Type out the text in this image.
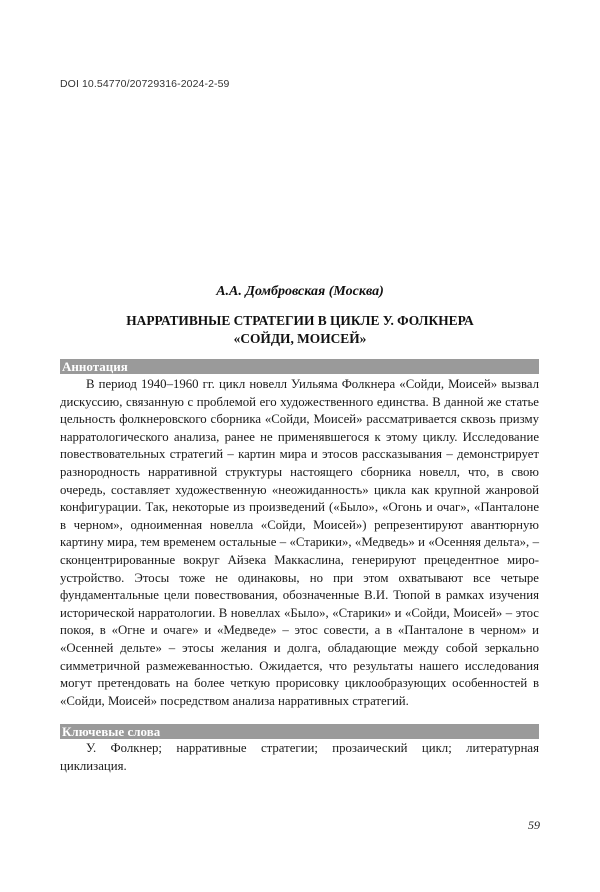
DOI 10.54770/20729316-2024-2-59
А.А. Домбровская (Москва)
НАРРАТИВНЫЕ СТРАТЕГИИ В ЦИКЛЕ У. ФОЛКНЕРА
«СОЙДИ, МОИСЕЙ»
Аннотация

В период 1940–1960 гг. цикл новелл Уильяма Фолкнера «Сойди, Моисей» вызвал дискуссию, связанную с проблемой его художественного единства. В данной же статье цельность фолкнеровского сборника «Сойди, Моисей» рассматривается сквозь призму нарратологического анализа, ранее не применявшегося к этому циклу. Исследование повествовательных стратегий – картин мира и этосов рассказывания – демонстрирует разнородность нарративной структуры настоящего сборника новелл, что, в свою очередь, составляет художественную «неожиданность» цикла как крупной жанровой конфигурации. Так, некоторые из произведений («Было», «Огонь и очаг», «Панталоне в черном», одноименная новелла «Сойди, Моисей») репрезентируют авантюрную картину мира, тем временем остальные – «Старики», «Медведь» и «Осенняя дельта», – сконцентрированные вокруг Айзека Маккаслина, генерируют прецедентное мироустройство. Этосы тоже не одинаковы, но при этом охватывают все четыре фундаментальные цели повествования, обозначенные В.И. Тюпой в рамках изучения исторической нарратологии. В новеллах «Было», «Старики» и «Сойди, Моисей» – этос покоя, в «Огне и очаге» и «Медведе» – этос совести, а в «Панталоне в черном» и «Осенней дельте» – этосы желания и долга, обладающие между собой зеркально симметричной размежеванностью. Ожидается, что результаты нашего исследования могут претендовать на более четкую прорисовку циклообразующих особенностей в «Сойди, Моисей» посредством анализа нарративных стратегий.

Ключевые слова

У. Фолкнер; нарративные стратегии; прозаический цикл; литературная циклизация.

59
